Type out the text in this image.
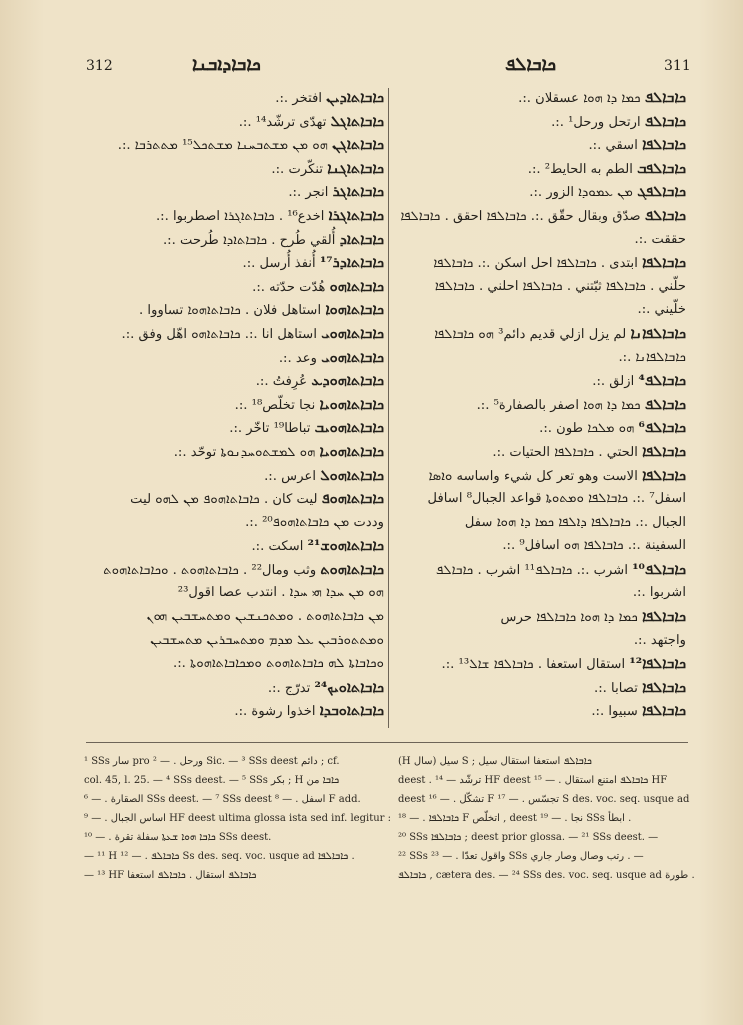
312	ܟܐܒܐܕܐܒܢܐ	ܟܐܒܐܠܦ	311
ܟܐܒܐܬܐܕܝܢ افتخر .:.
ܟܐܒܐܬܐܓܠ تهدّى ترشّد¹⁴ .:.
ܟܐܒܐܬܐܓܢ ܗܘ ܡܢ ܡܫܬܒܚܢܐ ܡܫܬܟܠ¹⁵ ܡܬܬܪܒܐ .:.
ܟܐܒܐܬܐܓܢܐ تنكّرت .:.
ܟܐܒܐܬܐܓܪ انجر .:.
ܟܐܒܐܬܐܓܪܐ اخدع¹⁶ . ܟܐܒܐܬܐܓܪܐ اصطربوا .:.
ܟܐܒܐܬܐܕ أُلقي طُرح . ܟܐܒܐܬܐܕܐ طُرحت .:.
ܟܐܒܐܬܐܕܪ¹⁷ أُنفذ أُرسل .:.
ܟܐܒܐܬܐܗܘ هُدّت حدّته .:.
ܟܐܒܐܬܐܗܘܐ استاهل فلان . ܟܐܒܐܬܐܗܘܐ تساووا .
ܟܐܒܐܬܐܗܘܝ استاهل انا .:. ܟܐܒܐܬܐܗܘ اهّل وفق .:.
ܟܐܒܐܬܐܗܘܝ وعد .:.
ܟܐܒܐܬܐܗܘܕܥ عُرِفتُ .:.
ܟܐܒܐܬܐܗܘܝܐ نجا تخلّص¹⁸ .:.
ܟܐܒܐܬܐܗܘܝܒ تباطا¹⁹ تاخّر .:.
ܟܐܒܐܬܐܗܘܝܐ ܗܘ ܠܡܫܬܘܚܕܢܘܬܐ توحّد .:.
ܟܐܒܐܬܐܗܘܠ اعرس .:.
ܟܐܒܐܬܐܗܘܦ ليت كان . ܟܐܒܐܬܐܗܘܦ ܡܢ ܠܗܘ ليت
وددت ܡܢ ܟܐܒܐܬܐܗܘܦ²⁰ .:.
ܟܐܒܐܬܐܗܘܫ²¹ اسكت .:.
ܟܐܒܐܬܐܗܘܬ وثب ومال²² . ܟܐܒܐܬܐܗܘܬ . ܘܟܐܒܐܬܐܗܘܬ
ܗܘ ܡܢ ܚܕܐ ܗܝ ܚܕܐ . انتدب عصا اقول²³
ܡܢ ܟܐܒܐܬܐܗܘܬ . ܘܡܬܟܢܫܝܢ ܘܡܬܚܫܒܝܢ ܗܘܢ
ܘܡܬܬܘܪܒܝܢ ܥܠ ܡܕܡ ܘܡܬܚܒܪܝܢ ܡܬܚܫܒܝܢ
ܘܟܐܒܐܬܐ ܠܗ ܟܐܒܐܬܐܗܘܬ ܘܡܟܐܒܐܬܐܗܘܬܐ .:.
ܟܐܒܐܬܐܘܝܟ²⁴ تدرّج .:.
ܟܐܒܐܬܐܘܒܕܐ اخذوا رشوة .:.
ܟܐܒܐܠܦ ܟܡܐ ܕܐ ܗܘܐ عسقلان .:.
ܟܐܒܐܠܦ ارتحل ورحل¹ .:.
ܟܐܒܐܠܦܐ اسقي .:.
ܟܐܒܐܠܦܒ الطم به الحايط² .:.
ܟܐܒܐܠܦܓ ܡܢ ܥܡܘܕܐ الزور .:.
ܟܐܒܐܠܦ صدّق وبقال حقّق .:. ܟܐܒܐܠܦܐ احقق . ܟܐܒܐܠܦܐ
حققت .:.
ܟܐܒܐܠܦܐ ابتدى . ܟܐܒܐܠܦܐ احل اسكن .:. ܟܐܒܐܠܦܐ
حلّني . ܟܐܒܐܠܦܐ ثبّتني . ܟܐܒܐܠܦܐ احلني . ܟܐܒܐܠܦܐ
خلّيني .:.
ܟܐܒܐܠܦܐܢܐ لم يزل ازلي قديم دائم³ ܗܘ ܟܐܒܐܠܦܐ
ܟܐܒܐܠܦܐܢܐ .:.
ܟܐܒܐܠܦ⁴ ازلق .:.
ܟܐܒܐܠܦ ܟܡܐ ܕܐ ܗܘܐ اصفر بالصفارة⁵ .:.
ܟܐܒܐܠܦ⁶ ܗܘ ܡܠܟܐ طون .:.
ܟܐܒܐܠܦܐ الحتي . ܟܐܒܐܠܦܐ الحتيات .:.
ܟܐܒܐܠܦܐ الاست وهو تعر كل شيء واساسه ܘܐܣܐ
اسفل⁷ .:. ܟܐܒܐܠܦܐ ܘܡܬܘܬܐ قواعد الجبال⁸ اسافل
الجبال .:. ܟܐܒܐܠܦܐ ܕܐܠܦܐ ܟܡܐ ܕܐ ܗܘܐ سفل
السفينة .:. ܟܐܒܐܠܦܐ ܗܘ اسافل⁹ .:.
ܟܐܒܐܠܦ¹⁰ اشرب .:. ܟܐܒܐܠܦ¹¹ اشرب . ܟܐܒܐܠܦ
اشربوا .:.
ܟܐܒܐܠܦܐ ܟܡܐ ܕܐ ܗܘܐ ܟܐܒܐܠܦܐ حرس
واجتهد .:.
ܟܐܒܐܠܦܐ¹² استقال استعفا . ܟܐܒܐܠܦܐ ܫܐܠ¹³ .:.
ܟܐܒܐܠܦܐ تصابا .:.
ܟܐܒܐܠܦܐ سبيوا .:.
¹ SSs سار pro ورحل . — ² Sic. — ³ SSs deest دائم ; cf.
col. 45, l. 25. — ⁴ SSs deest. — ⁵ SSs بكر ; H ܟܐܒܐ من
الصقارة . — ⁶ SSs deest. — ⁷ SSs deest اسفل . — ⁸ F add.
اساس الجبال . — ⁹ HF deest ultima glossa ista sed inf. legitur :
ܟܐܒܐ ܗܘܐ ܫܥܬܐ سفلة تقرة . — ¹⁰ SSs deest.
— ¹¹ H ܟܐܒܐܠܦ . — ¹² Ss des. seq. voc. usque ad ܟܐܒܐܠܦܐ .
— ¹³ HF ܟܐܒܐܠܦ استقال . ܟܐܒܐܠܦ استعفا
(H سال) سيل S ; ܟܐܒܐܠܦ استعفا استقال سيل
deest . ترشّد — ¹⁴ HF deest ܟܐܒܐܠܦ امتنع استقال . — ¹⁵ HF
deest تشكّل . — ¹⁶ F تجسّس . — ¹⁷ S des. voc. seq. usque ad
ܟܐܒܐܠܦܐ . — ¹⁸ F اتخلّص , deest نجا . — ¹⁹ SSs ابطأ .
²⁰ SSs ܟܐܒܐܠܦܐ ; deest prior glossa. — ²¹ SSs deest. —
²² SSs واقول تعدّا . — ²³ SSs رتب وصال وصار جاري . —
ܟܐܒܐܠܦ , cætera des. — ²⁴ SSs des. voc. seq. usque ad طورة .
